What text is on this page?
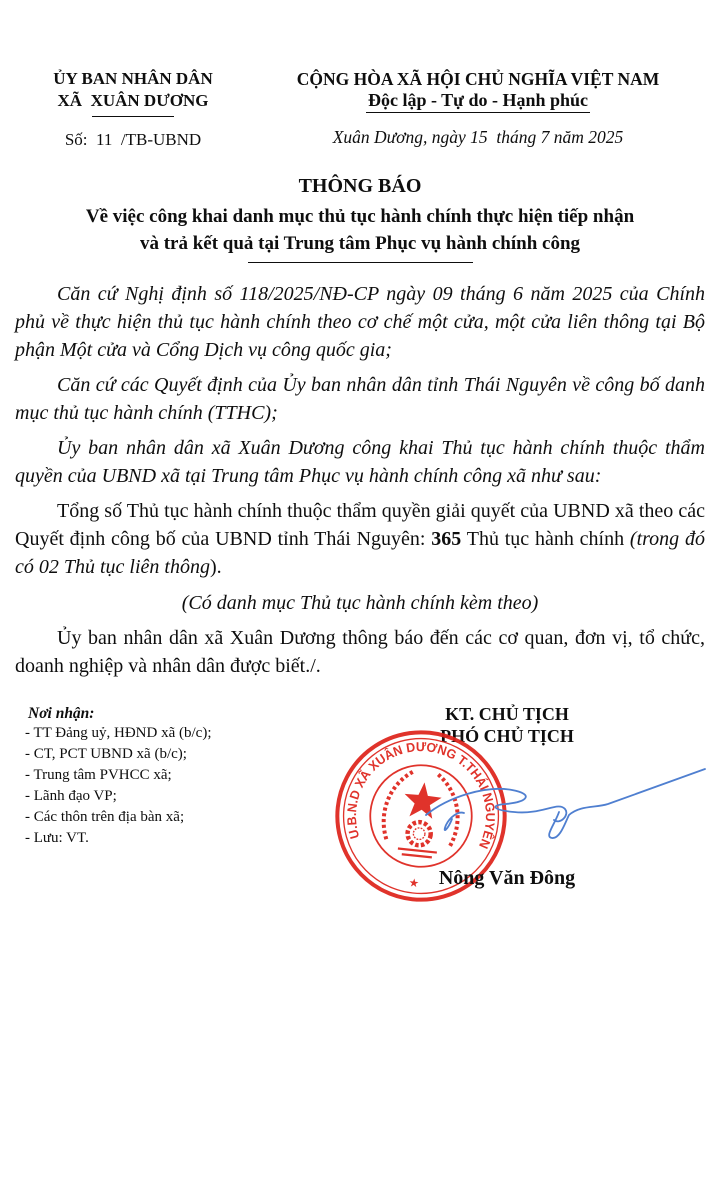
ỦY BAN NHÂN DÂN
XÃ  XUÂN DƯƠNG
Số:  11  /TB-UBND
CỘNG HÒA XÃ HỘI CHỦ NGHĨA VIỆT NAM
Độc lập - Tự do - Hạnh phúc
Xuân Dương, ngày 15  tháng 7 năm 2025
THÔNG BÁO
Về việc công khai danh mục thủ tục hành chính thực hiện tiếp nhận
và trả kết quả tại Trung tâm Phục vụ hành chính công

Căn cứ Nghị định số 118/2025/NĐ-CP ngày 09 tháng 6 năm 2025 của Chính phủ về thực hiện thủ tục hành chính theo cơ chế một cửa, một cửa liên thông tại Bộ phận Một cửa và Cổng Dịch vụ công quốc gia;

Căn cứ các Quyết định của Ủy ban nhân dân tỉnh Thái Nguyên về công bố danh mục thủ tục hành chính (TTHC);

Ủy ban nhân dân xã Xuân Dương công khai Thủ tục hành chính thuộc thẩm quyền của UBND xã tại Trung tâm Phục vụ hành chính công xã như sau:

Tổng số Thủ tục hành chính thuộc thẩm quyền giải quyết của UBND xã theo các Quyết định công bố của UBND tỉnh Thái Nguyên: 365 Thủ tục hành chính (trong đó có 02 Thủ tục liên thông).

(Có danh mục Thủ tục hành chính kèm theo)

Ủy ban nhân dân xã Xuân Dương thông báo đến các cơ quan, đơn vị, tổ chức, doanh nghiệp và nhân dân được biết./.

Nơi nhận:
- TT Đảng uỷ, HĐND xã (b/c);
- CT, PCT UBND xã (b/c);
- Trung tâm PVHCC xã;
- Lãnh đạo VP;
- Các thôn trên địa bàn xã;
- Lưu: VT.
KT. CHỦ TỊCH
PHÓ CHỦ TỊCH
U.B.N.D XÃ XUÂN DƯƠNG T.THÁI NGUYÊN
★ Nông Văn Đông
